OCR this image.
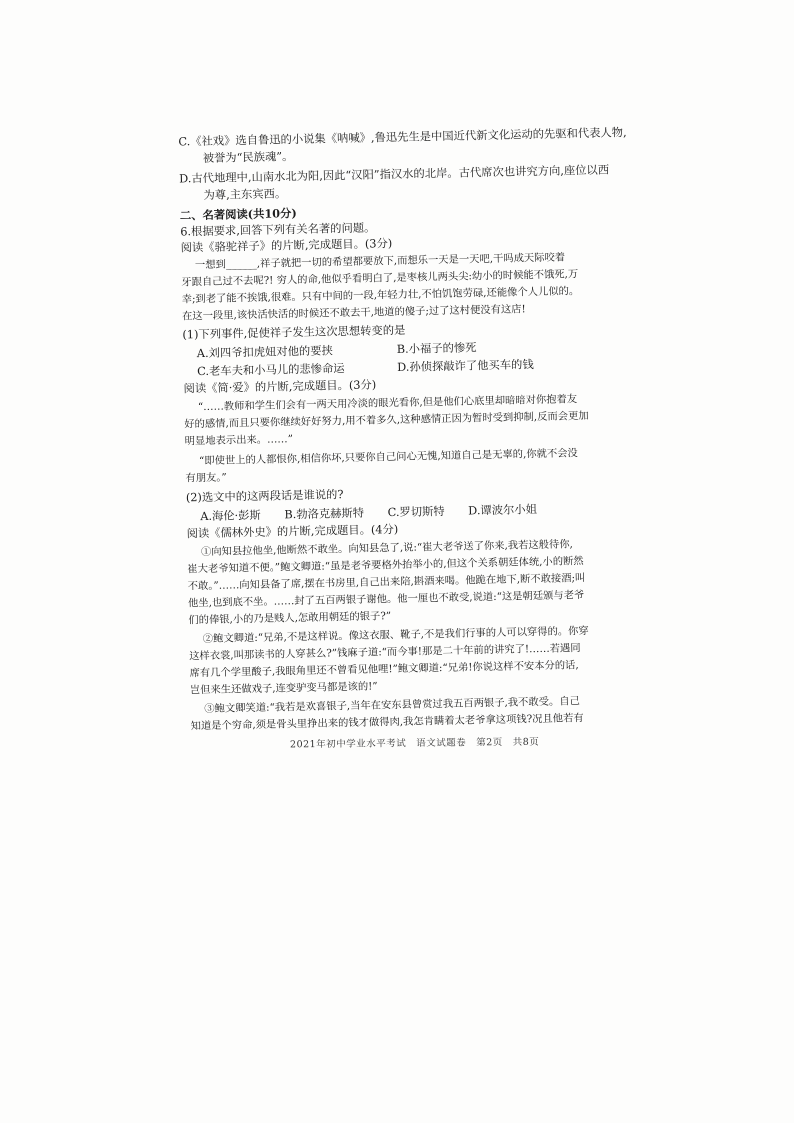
C.《社戏》选自鲁迅的小说集《呐喊》,鲁迅先生是中国近代新文化运动的先驱和代表人物,
被誉为“民族魂”。
D.古代地理中,山南水北为阳,因此“汉阳”指汉水的北岸。古代席次也讲究方向,座位以西
为尊,主东宾西。
二、名著阅读(共10分)
6.根据要求,回答下列有关名著的问题。
阅读《骆驼祥子》的片断,完成题目。(3分)
一想到______,祥子就把一切的希望都要放下,而想乐一天是一天吧,干吗成天际咬着
牙跟自己过不去呢?! 穷人的命,他似乎看明白了,是枣核儿两头尖:幼小的时候能不饿死,万
幸;到老了能不挨饿,很难。只有中间的一段,年轻力壮,不怕饥饱劳碌,还能像个人儿似的。
在这一段里,该快活快活的时候还不敢去干,地道的傻子;过了这村便没有这店!
(1)下列事件,促使祥子发生这次思想转变的是
A.刘四爷扣虎妞对他的要挟	B.小福子的惨死
C.老车夫和小马儿的悲惨命运	D.孙侦探敲诈了他买车的钱
阅读《简·爱》的片断,完成题目。(3分)
“……教师和学生们会有一两天用冷淡的眼光看你,但是他们心底里却暗暗对你抱着友
好的感情,而且只要你继续好好努力,用不着多久,这种感情正因为暂时受到抑制,反而会更加
明显地表示出来。……”
“即使世上的人都恨你,相信你坏,只要你自己问心无愧,知道自己是无辜的,你就不会没
有朋友。”
(2)选文中的这两段话是谁说的?
A.海伦·彭斯 B.勃洛克赫斯特 C.罗切斯特 D.谭波尔小姐
阅读《儒林外史》的片断,完成题目。(4分)
①向知县拉他坐,他断然不敢坐。向知县急了,说:“崔大老爷送了你来,我若这般待你,
崔大老爷知道不便。”鲍文卿道:“虽是老爷要格外抬举小的,但这个关系朝廷体统,小的断然
不敢。”……向知县备了席,摆在书房里,自己出来陪,斟酒来喝。他跪在地下,断不敢接酒;叫
他坐,也到底不坐。……封了五百两银子谢他。他一厘也不敢受,说道:“这是朝廷颁与老爷
们的俸银,小的乃是贱人,怎敢用朝廷的银子?”
②鲍文卿道:“兄弟,不是这样说。像这衣服、靴子,不是我们行事的人可以穿得的。你穿
这样衣裳,叫那读书的人穿甚么?”钱麻子道:“而今事!那是二十年前的讲究了!……若遇同
席有几个学里酸子,我眼角里还不曾看见他哩!”鲍文卿道:“兄弟!你说这样不安本分的话,
岂但来生还做戏子,连变驴变马都是该的!”
③鲍文卿笑道:“我若是欢喜银子,当年在安东县曾赏过我五百两银子,我不敢受。自己
知道是个穷命,须是骨头里挣出来的钱才做得肉,我怎肯瞒着太老爷拿这项钱?况且他若有
2021年初中学业水平考试　语文试题卷　第2页　共8页
